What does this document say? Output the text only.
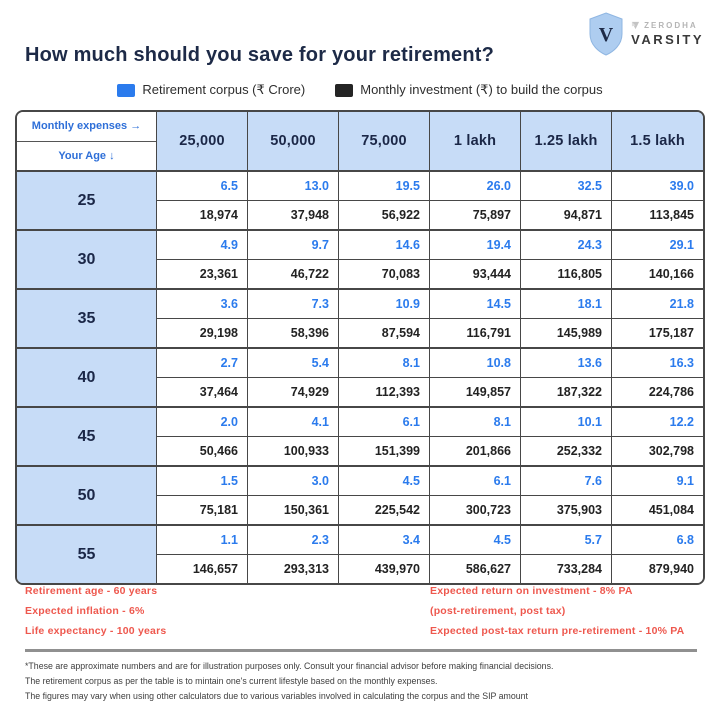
How much should you save for your retirement?
V	ZERODHA
VARSITY
Retirement corpus (₹ Crore)	Monthly investment (₹) to build the corpus
Monthly expenses →
Your Age ↓
25,000	50,000	75,000	1 lakh	1.25 lakh	1.5 lakh
25
6.5	13.0	19.5	26.0	32.5	39.0
18,974	37,948	56,922	75,897	94,871	113,845
30
4.9	9.7	14.6	19.4	24.3	29.1
23,361	46,722	70,083	93,444	116,805	140,166
35
3.6	7.3	10.9	14.5	18.1	21.8
29,198	58,396	87,594	116,791	145,989	175,187
40
2.7	5.4	8.1	10.8	13.6	16.3
37,464	74,929	112,393	149,857	187,322	224,786
45
2.0	4.1	6.1	8.1	10.1	12.2
50,466	100,933	151,399	201,866	252,332	302,798
50
1.5	3.0	4.5	6.1	7.6	9.1
75,181	150,361	225,542	300,723	375,903	451,084
55
1.1	2.3	3.4	4.5	5.7	6.8
146,657	293,313	439,970	586,627	733,284	879,940
Retirement age - 60 years
Expected inflation - 6%
Life expectancy - 100 years
Expected return on investment - 8% PA
(post-retirement, post tax)
Expected post-tax return pre-retirement - 10% PA
*These are approximate numbers and are for illustration purposes only. Consult your financial advisor before making financial decisions.
The retirement corpus as per the table is to mintain one's current lifestyle based on the monthly expenses.
The figures may vary when using other calculators due to various variables involved in calculating the corpus and the SIP amount
